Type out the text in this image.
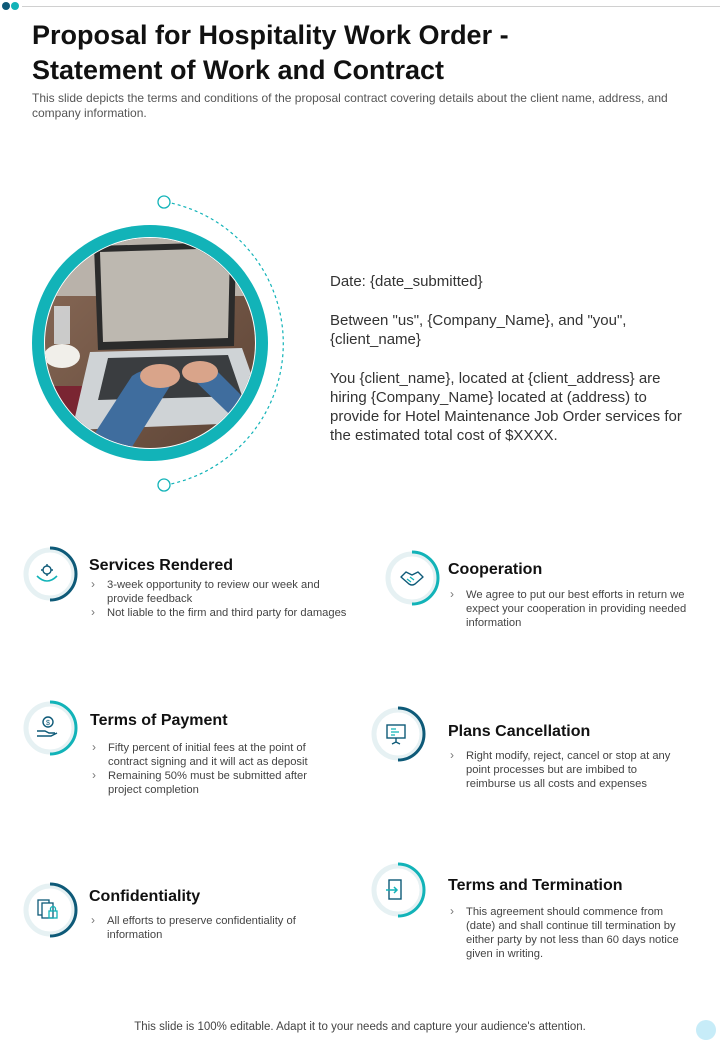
Proposal for Hospitality Work Order -
Statement of Work and Contract

This slide depicts the terms and conditions of the proposal contract covering details about the client name, address, and company information.

Date: {date_submitted}

Between "us", {Company_Name}, and "you", {client_name}

You {client_name}, located at {client_address} are hiring {Company_Name} located at (address) to provide for Hotel Maintenance Job Order services for the estimated total cost of $XXXX.

Services Rendered
› 3-week opportunity to review our week and provide feedback
› Not liable to the firm and third party for damages
Cooperation
› We agree to put our best efforts in return we expect your cooperation in providing needed information
$	Terms of Payment
› Fifty percent of initial fees at the point of contract signing and it will act as deposit
› Remaining 50% must be submitted after project completion
Plans Cancellation
› Right modify, reject, cancel or stop at any point processes but are imbibed to reimburse us all costs and expenses
Confidentiality
› All efforts to preserve confidentiality of information
Terms and Termination
› This agreement should commence from (date) and shall continue till termination by either party by not less than 60 days notice given in writing.
This slide is 100% editable. Adapt it to your needs and capture your audience's attention.
